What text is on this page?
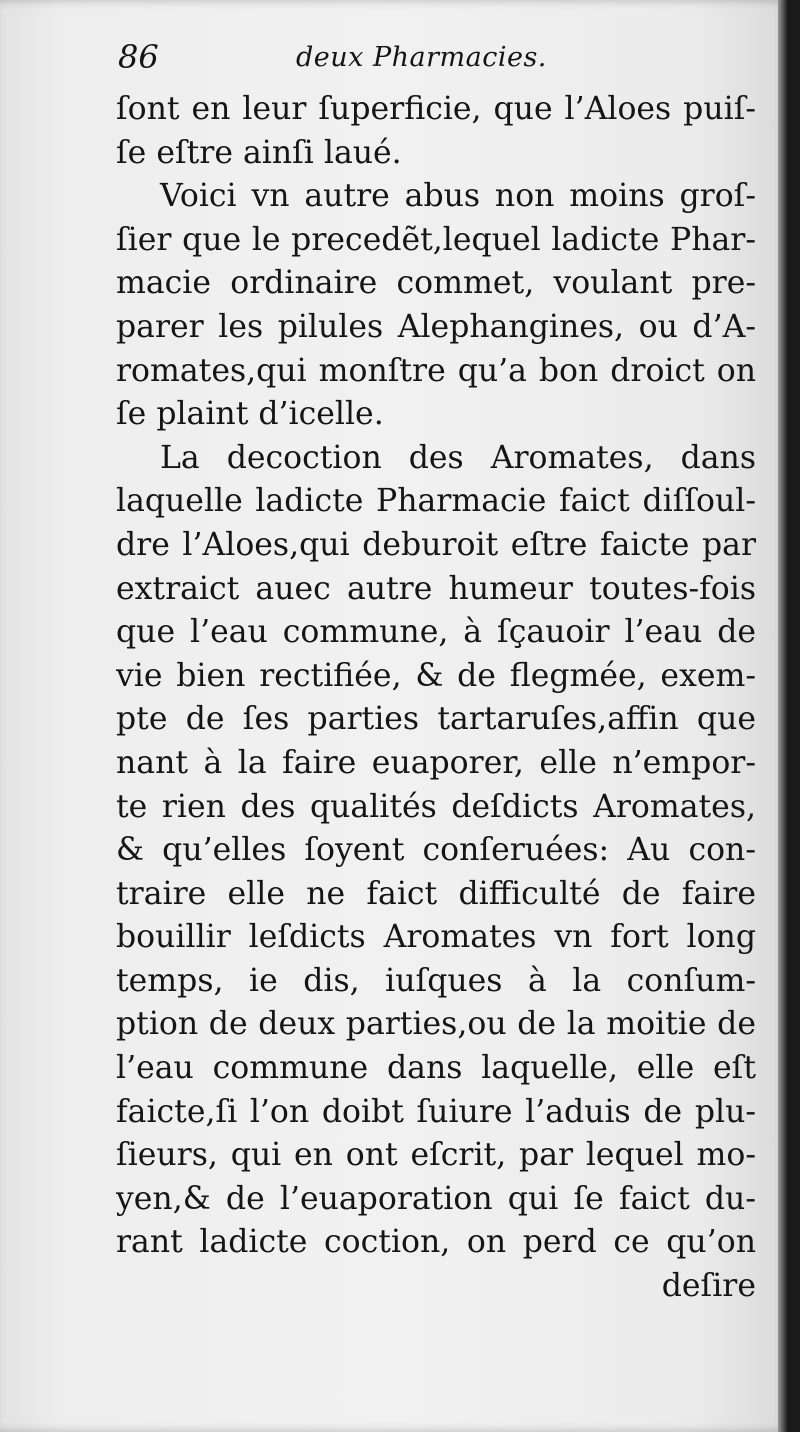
86	deux Pharmacies.
ſont en leur ſuperficie, que l’Aloes puiſ-
ſe eſtre ainſi laué.
Voici vn autre abus non moins groſ-
ſier que le precedẽt,lequel ladicte Phar-
macie ordinaire commet, voulant pre-
parer les pilules Alephangines, ou d’A-
romates,qui monſtre qu’a bon droict on
ſe plaint d’icelle.
La decoction des Aromates, dans
laquelle ladicte Pharmacie faict diſſoul-
dre l’Aloes,qui deburoit eſtre faicte par
extraict auec autre humeur toutes-fois
que l’eau commune, à ſçauoir l’eau de
vie bien rectifiée, & de flegmée, exem-
pte de ſes parties tartaruſes,affin que
nant à la faire euaporer, elle n’empor-
te rien des qualités deſdicts Aromates,
& qu’elles ſoyent conſeruées: Au con-
traire elle ne faict difficulté de faire
bouillir leſdicts Aromates vn fort long
temps, ie dis, iuſques à la conſum-
ption de deux parties,ou de la moitie de
l’eau commune dans laquelle, elle eſt
faicte,ſi l’on doibt ſuiure l’aduis de plu-
ſieurs, qui en ont eſcrit, par lequel mo-
yen,& de l’euaporation qui ſe faict du-
rant ladicte coction, on perd ce qu’on
deſire
